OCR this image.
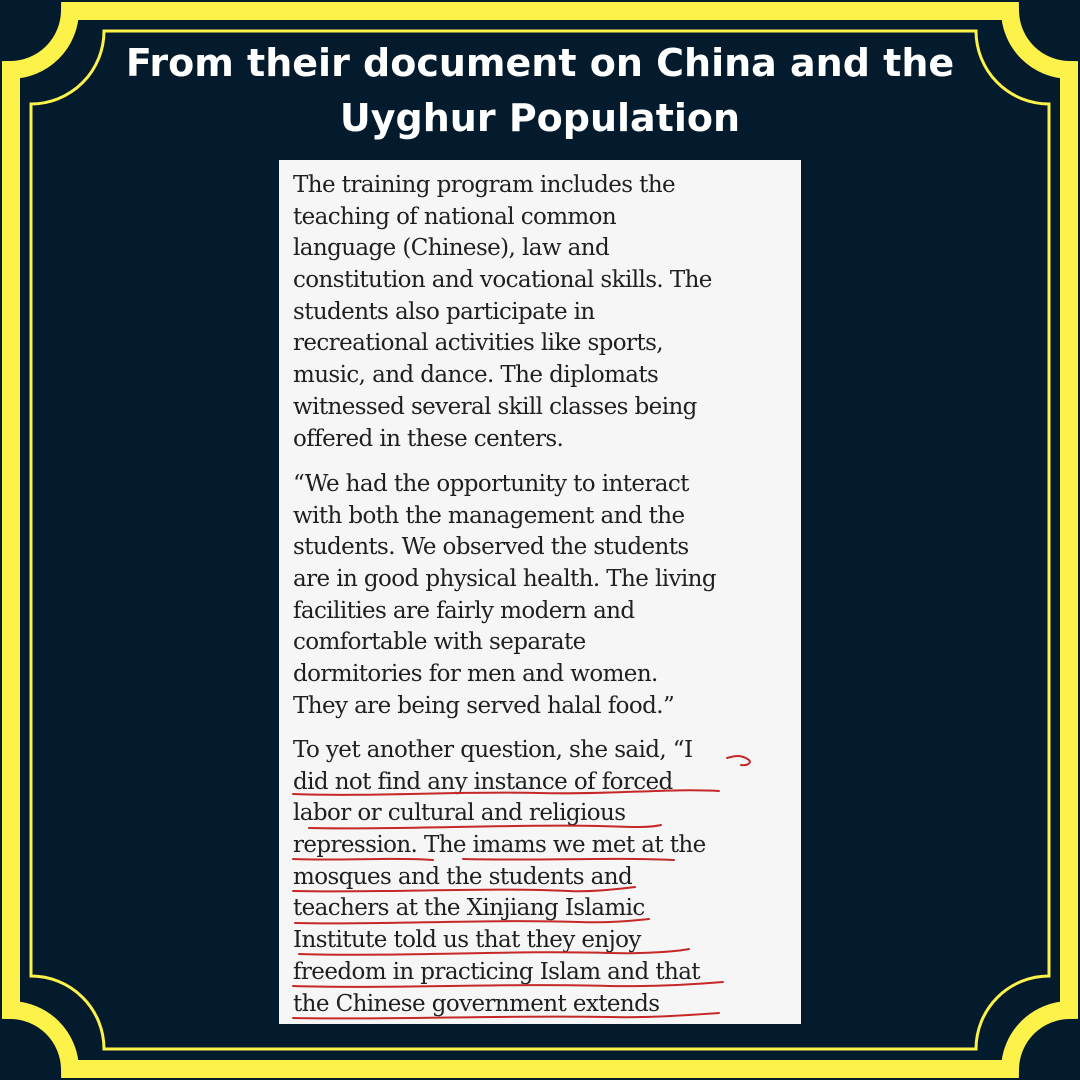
From their document on China and the
Uyghur Population
The training program includes the
teaching of national common
language (Chinese), law and
constitution and vocational skills. The
students also participate in
recreational activities like sports,
music, and dance. The diplomats
witnessed several skill classes being
offered in these centers.
“We had the opportunity to interact
with both the management and the
students. We observed the students
are in good physical health. The living
facilities are fairly modern and
comfortable with separate
dormitories for men and women.
They are being served halal food.”
To yet another question, she said, “I
did not find any instance of forced
labor or cultural and religious
repression. The imams we met at the
mosques and the students and
teachers at the Xinjiang Islamic
Institute told us that they enjoy
freedom in practicing Islam and that
the Chinese government extends
